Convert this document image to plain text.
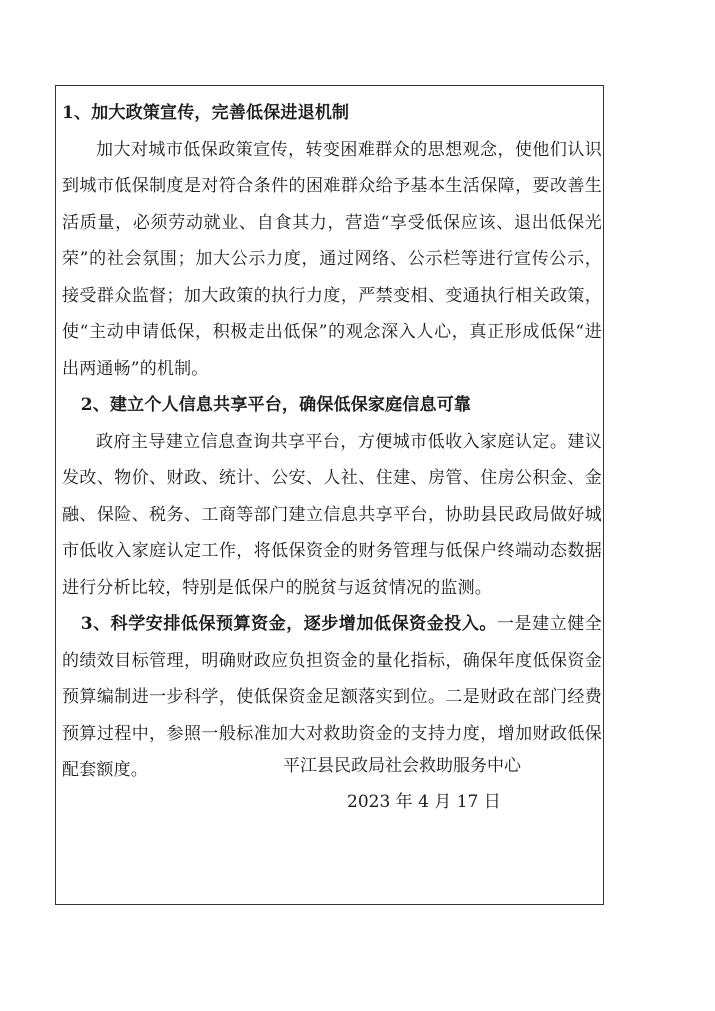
1、加大政策宣传，完善低保进退机制

加大对城市低保政策宣传，转变困难群众的思想观念，使他们认识到城市低保制度是对符合条件的困难群众给予基本生活保障，要改善生活质量，必须劳动就业、自食其力，营造“享受低保应该、退出低保光荣”的社会氛围；加大公示力度，通过网络、公示栏等进行宣传公示，接受群众监督；加大政策的执行力度，严禁变相、变通执行相关政策，使“主动申请低保，积极走出低保”的观念深入人心，真正形成低保“进出两通畅”的机制。

2、建立个人信息共享平台，确保低保家庭信息可靠

政府主导建立信息查询共享平台，方便城市低收入家庭认定。建议发改、物价、财政、统计、公安、人社、住建、房管、住房公积金、金融、保险、税务、工商等部门建立信息共享平台，协助县民政局做好城市低收入家庭认定工作，将低保资金的财务管理与低保户终端动态数据进行分析比较，特别是低保户的脱贫与返贫情况的监测。

3、科学安排低保预算资金，逐步增加低保资金投入。一是建立健全的绩效目标管理，明确财政应负担资金的量化指标，确保年度低保资金预算编制进一步科学，使低保资金足额落实到位。二是财政在部门经费预算过程中，参照一般标准加大对救助资金的支持力度，增加财政低保配套额度。	平江县民政局社会救助服务中心

2023 年 4 月 17 日
